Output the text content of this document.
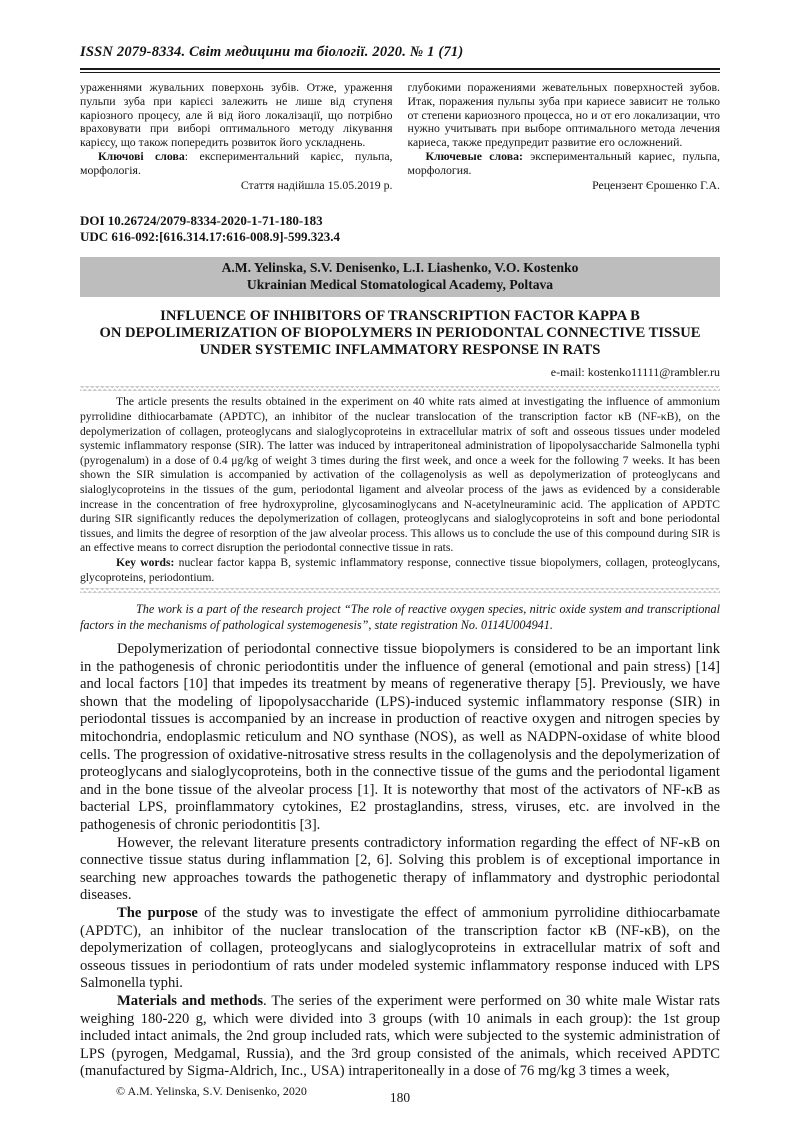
ISSN 2079-8334. Світ медицини та біології. 2020. № 1 (71)

ураженнями жувальних поверхонь зубів. Отже, ураження пульпи зуба при карієсі залежить не лише від ступеня каріозного процесу, але й від його локалізації, що потрібно враховувати при виборі оптимального методу лікування карієсу, що також попередить розвиток його ускладнень.

Ключові слова: експериментальний карієс, пульпа, морфологія.

Стаття надійшла 15.05.2019 р.

глубокими поражениями жевательных поверхностей зубов. Итак, поражения пульпы зуба при кариесе зависит не только от степени кариозного процесса, но и от его локализации, что нужно учитывать при выборе оптимального метода лечения кариеса, также предупредит развитие его осложнений.

Ключевые слова: экспериментальный кариес, пульпа, морфология.

Рецензент Єрошенко Г.А.

DOI 10.26724/2079-8334-2020-1-71-180-183
UDC 616-092:[616.314.17:616-008.9]-599.323.4
A.M. Yelinska, S.V. Denisenko, L.I. Liashenko, V.O. Kostenko
Ukrainian Medical Stomatological Academy, Poltava
INFLUENCE OF INHIBITORS OF TRANSCRIPTION FACTOR KAPPA B
ON DEPOLIMERIZATION OF BIOPOLYMERS IN PERIODONTAL CONNECTIVE TISSUE
UNDER SYSTEMIC INFLAMMATORY RESPONSE IN RATS
e-mail: kostenko11111@rambler.ru

The article presents the results obtained in the experiment on 40 white rats aimed at investigating the influence of ammonium pyrrolidine dithiocarbamate (APDTC), an inhibitor of the nuclear translocation of the transcription factor κB (NF-κB), on the depolymerization of collagen, proteoglycans and sialoglycoproteins in extracellular matrix of soft and osseous tissues under modeled systemic inflammatory response (SIR). The latter was induced by intraperitoneal administration of lipopolysaccharide Salmonella typhi (pyrogenalum) in a dose of 0.4 μg/kg of weight 3 times during the first week, and once a week for the following 7 weeks. It has been shown the SIR simulation is accompanied by activation of the collagenolysis as well as depolymerization of proteoglycans and sialoglycoproteins in the tissues of the gum, periodontal ligament and alveolar process of the jaws as evidenced by a considerable increase in the concentration of free hydroxyproline, glycosaminoglycans and N-acetylneuraminic acid. The application of APDTC during SIR significantly reduces the depolymerization of collagen, proteoglycans and sialoglycoproteins in soft and bone periodontal tissues, and limits the degree of resorption of the jaw alveolar process. This allows us to conclude the use of this compound during SIR is an effective means to correct disruption the periodontal connective tissue in rats.

Key words: nuclear factor kappa B, systemic inflammatory response, connective tissue biopolymers, collagen, proteoglycans, glycoproteins, periodontium.

The work is a part of the research project “The role of reactive oxygen species, nitric oxide system and transcriptional factors in the mechanisms of pathological systemogenesis”, state registration No. 0114U004941.

Depolymerization of periodontal connective tissue biopolymers is considered to be an important link in the pathogenesis of chronic periodontitis under the influence of general (emotional and pain stress) [14] and local factors [10] that impedes its treatment by means of regenerative therapy [5]. Previously, we have shown that the modeling of lipopolysaccharide (LPS)-induced systemic inflammatory response (SIR) in periodontal tissues is accompanied by an increase in production of reactive oxygen and nitrogen species by mitochondria, endoplasmic reticulum and NO synthase (NOS), as well as NADPN-oxidase of white blood cells. The progression of oxidative-nitrosative stress results in the collagenolysis and the depolymerization of proteoglycans and sialoglycoproteins, both in the connective tissue of the gums and the periodontal ligament and in the bone tissue of the alveolar process [1]. It is noteworthy that most of the activators of NF-κB as bacterial LPS, proinflammatory cytokines, E2 prostaglandins, stress, viruses, etc. are involved in the pathogenesis of chronic periodontitis [3].

However, the relevant literature presents contradictory information regarding the effect of NF-κB on connective tissue status during inflammation [2, 6]. Solving this problem is of exceptional importance in searching new approaches towards the pathogenetic therapy of inflammatory and dystrophic periodontal diseases.

The purpose of the study was to investigate the effect of ammonium pyrrolidine dithiocarbamate (APDTC), an inhibitor of the nuclear translocation of the transcription factor κB (NF-κB), on the depolymerization of collagen, proteoglycans and sialoglycoproteins in extracellular matrix of soft and osseous tissues in periodontium of rats under modeled systemic inflammatory response induced with LPS Salmonella typhi.

Materials and methods. The series of the experiment were performed on 30 white male Wistar rats weighing 180-220 g, which were divided into 3 groups (with 10 animals in each group): the 1st group included intact animals, the 2nd group included rats, which were subjected to the systemic administration of LPS (pyrogen, Medgamal, Russia), and the 3rd group consisted of the animals, which received APDTC (manufactured by Sigma-Aldrich, Inc., USA) intraperitoneally in a dose of 76 mg/kg 3 times a week,

© A.M. Yelinska, S.V. Denisenko, 2020	180
